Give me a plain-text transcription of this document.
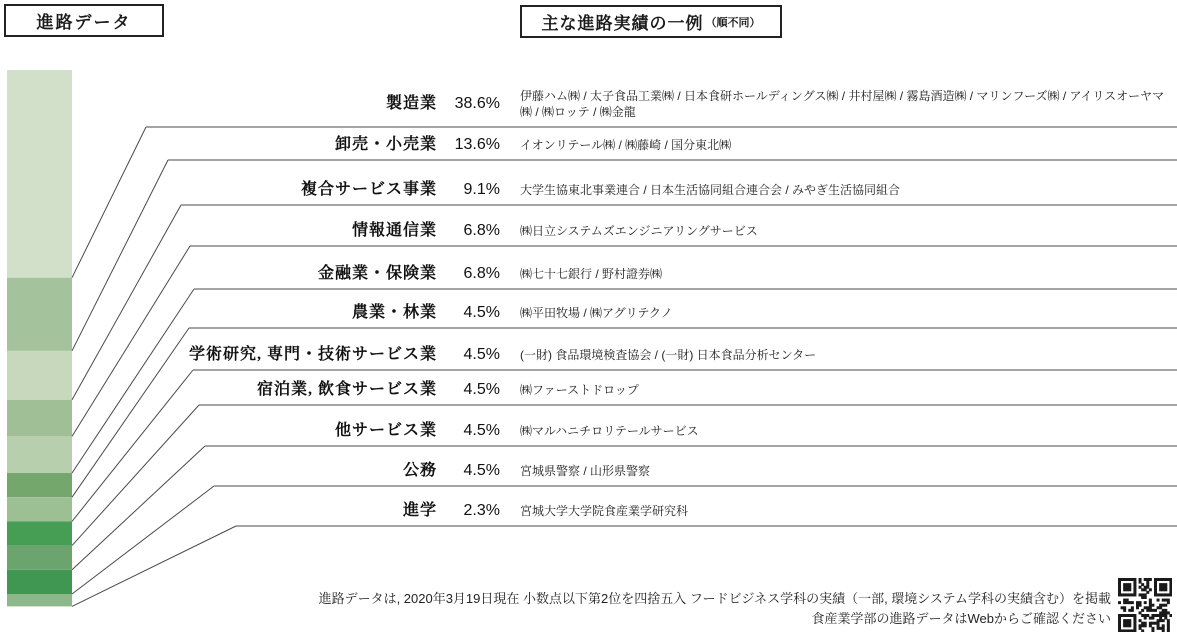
進路データ	主な進路実績の一例 （順不同）
製造業 38.6% 伊藤ハム㈱ / 太子食品工業㈱ / 日本食研ホールディングス㈱ / 井村屋㈱ / 霧島酒造㈱ / マリンフーズ㈱ / アイリスオーヤマ㈱ / ㈱ロッテ / ㈱金龍
卸売・小売業 13.6% イオンリテール㈱ / ㈱藤崎 / 国分東北㈱
複合サービス事業 9.1% 大学生協東北事業連合 / 日本生活協同組合連合会 / みやぎ生活協同組合
情報通信業 6.8% ㈱日立システムズエンジニアリングサービス
金融業・保険業 6.8% ㈱七十七銀行 / 野村證券㈱
農業・林業 4.5% ㈱平田牧場 / ㈱アグリテクノ
学術研究, 専門・技術サービス業 4.5% (一財) 食品環境検査協会 / (一財) 日本食品分析センター
宿泊業, 飲食サービス業 4.5% ㈱ファーストドロップ
他サービス業 4.5% ㈱マルハニチロリテールサービス
公務 4.5% 宮城県警察 / 山形県警察
進学 2.3% 宮城大学大学院食産業学研究科
進路データは, 2020年3月19日現在 小数点以下第2位を四捨五入 フードビジネス学科の実績（一部, 環境システム学科の実績含む）を掲載
食産業学部の進路データはWebからご確認ください
